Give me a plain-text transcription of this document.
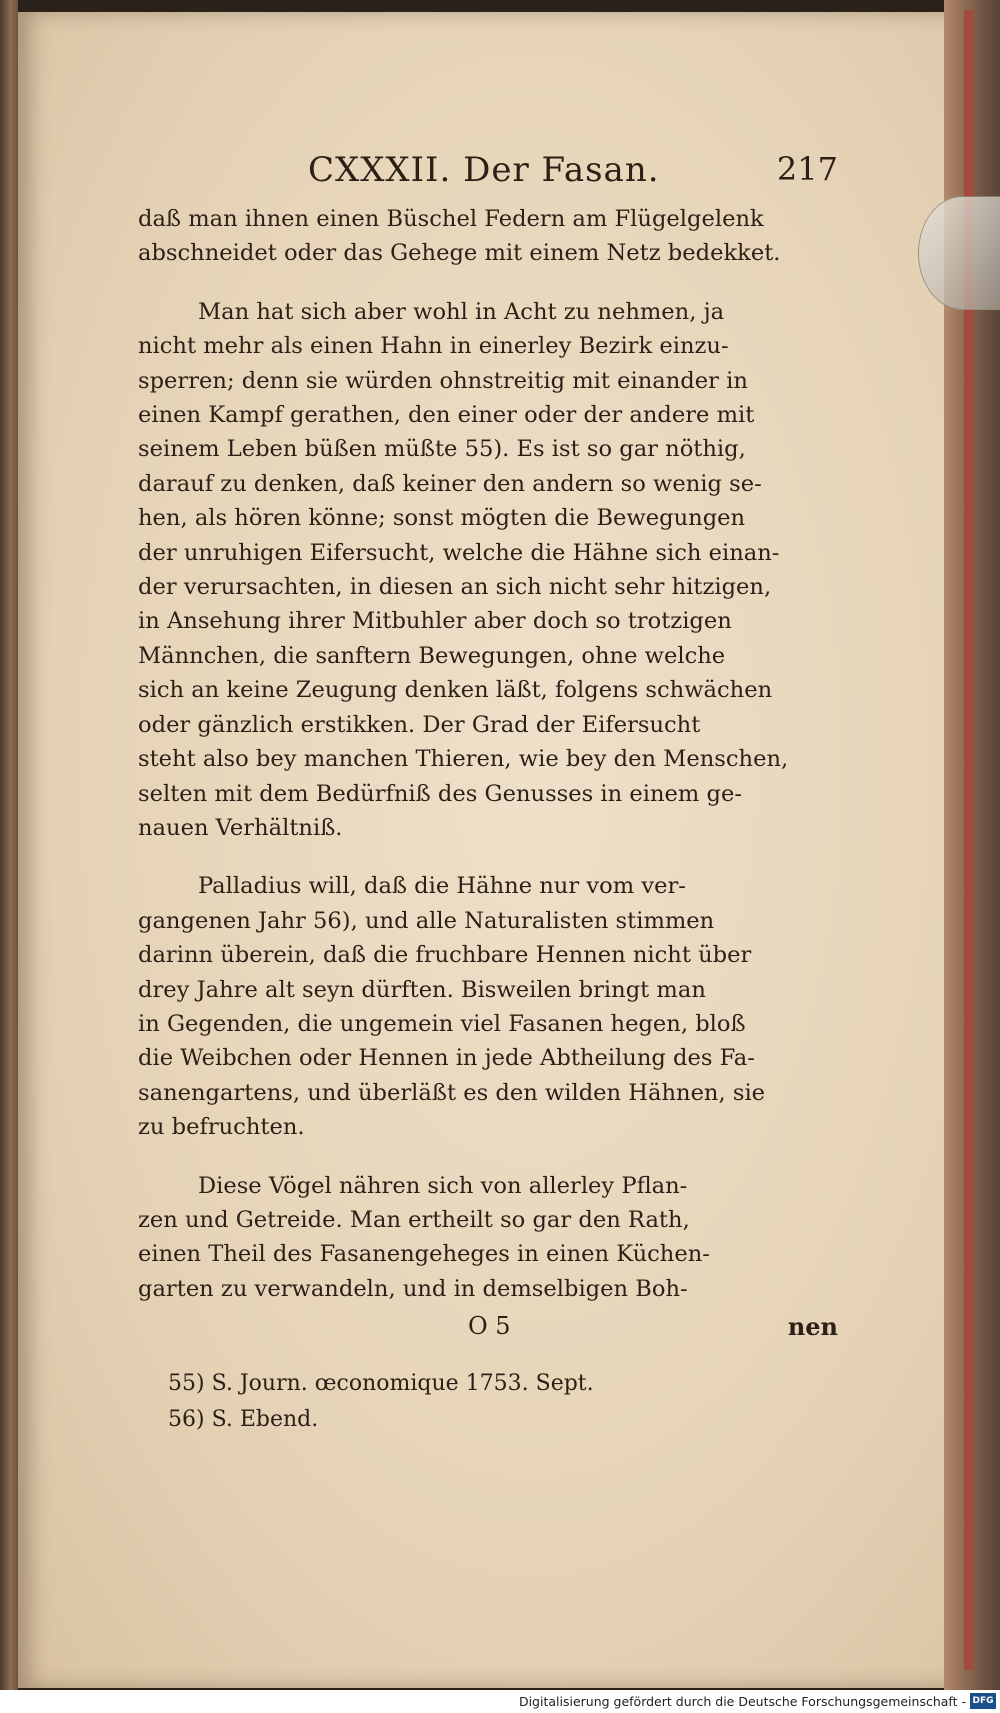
CXXXII. Der Fasan.	217

daß man ihnen einen Büschel Federn am Flügelgelenk
abschneidet oder das Gehege mit einem Netz bedekket.

Man hat sich aber wohl in Acht zu nehmen, ja
nicht mehr als einen Hahn in einerley Bezirk einzu-
sperren; denn sie würden ohnstreitig mit einander in
einen Kampf gerathen, den einer oder der andere mit
seinem Leben büßen müßte 55). Es ist so gar nöthig,
darauf zu denken, daß keiner den andern so wenig se-
hen, als hören könne; sonst mögten die Bewegungen
der unruhigen Eifersucht, welche die Hähne sich einan-
der verursachten, in diesen an sich nicht sehr hitzigen,
in Ansehung ihrer Mitbuhler aber doch so trotzigen
Männchen, die sanftern Bewegungen, ohne welche
sich an keine Zeugung denken läßt, folgens schwächen
oder gänzlich erstikken. Der Grad der Eifersucht
steht also bey manchen Thieren, wie bey den Menschen,
selten mit dem Bedürfniß des Genusses in einem ge-
nauen Verhältniß.

Palladius will, daß die Hähne nur vom ver-
gangenen Jahr 56), und alle Naturalisten stimmen
darinn überein, daß die fruchbare Hennen nicht über
drey Jahre alt seyn dürften. Bisweilen bringt man
in Gegenden, die ungemein viel Fasanen hegen, bloß
die Weibchen oder Hennen in jede Abtheilung des Fa-
sanengartens, und überläßt es den wilden Hähnen, sie
zu befruchten.

Diese Vögel nähren sich von allerley Pflan-
zen und Getreide. Man ertheilt so gar den Rath,
einen Theil des Fasanengeheges in einen Küchen-
garten zu verwandeln, und in demselbigen Boh-

O 5	nen
55) S. Journ. œconomique 1753. Sept.
56) S. Ebend.
Digitalisierung gefördert durch die Deutsche Forschungsgemeinschaft - DFG
